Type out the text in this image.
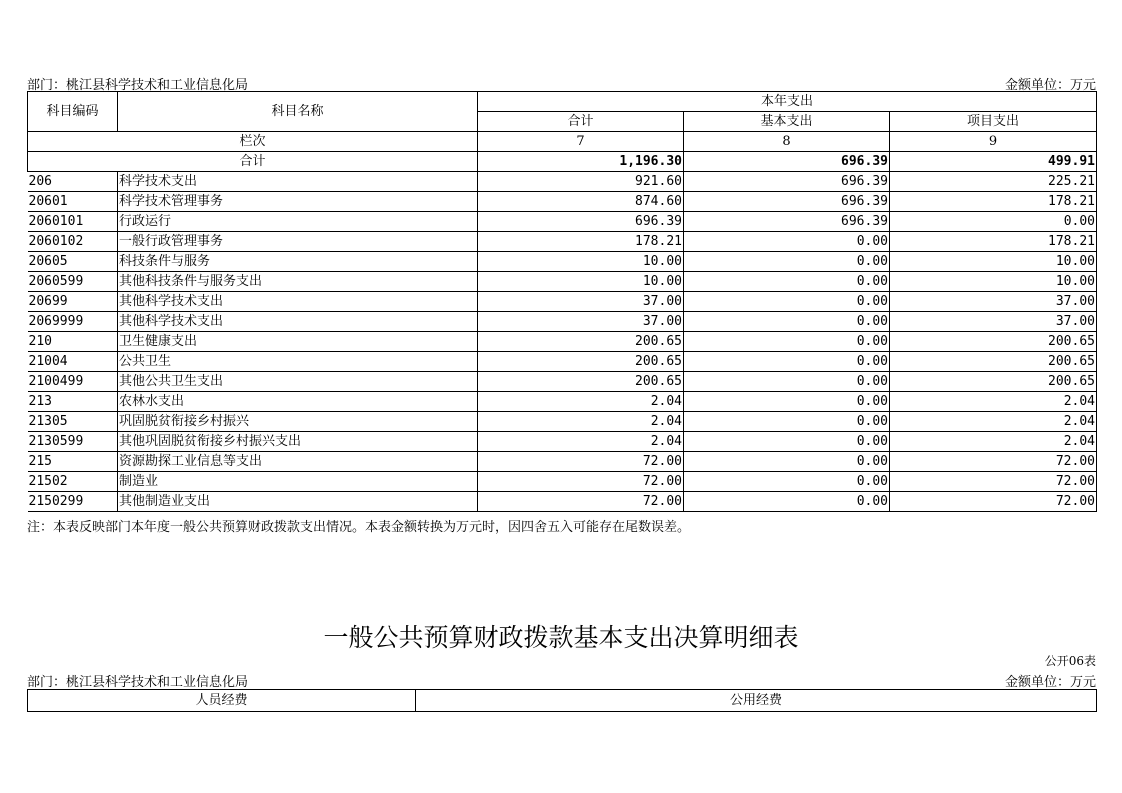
部门：桃江县科学技术和工业信息化局	金额单位：万元
科目编码	科目名称	本年支出		
		合计	基本支出	项目支出
栏次		7	8	9
合计		1,196.30	696.39	499.91
206	科学技术支出	921.60	696.39	225.21
20601	科学技术管理事务	874.60	696.39	178.21
2060101	行政运行	696.39	696.39	0.00
2060102	一般行政管理事务	178.21	0.00	178.21
20605	科技条件与服务	10.00	0.00	10.00
2060599	其他科技条件与服务支出	10.00	0.00	10.00
20699	其他科学技术支出	37.00	0.00	37.00
2069999	其他科学技术支出	37.00	0.00	37.00
210	卫生健康支出	200.65	0.00	200.65
21004	公共卫生	200.65	0.00	200.65
2100499	其他公共卫生支出	200.65	0.00	200.65
213	农林水支出	2.04	0.00	2.04
21305	巩固脱贫衔接乡村振兴	2.04	0.00	2.04
2130599	其他巩固脱贫衔接乡村振兴支出	2.04	0.00	2.04
215	资源勘探工业信息等支出	72.00	0.00	72.00
21502	制造业	72.00	0.00	72.00
2150299	其他制造业支出	72.00	0.00	72.00
注：本表反映部门本年度一般公共预算财政拨款支出情况。本表金额转换为万元时，因四舍五入可能存在尾数误差。
一般公共预算财政拨款基本支出决算明细表
公开06表
部门：桃江县科学技术和工业信息化局	金额单位：万元
人员经费	公用经费
